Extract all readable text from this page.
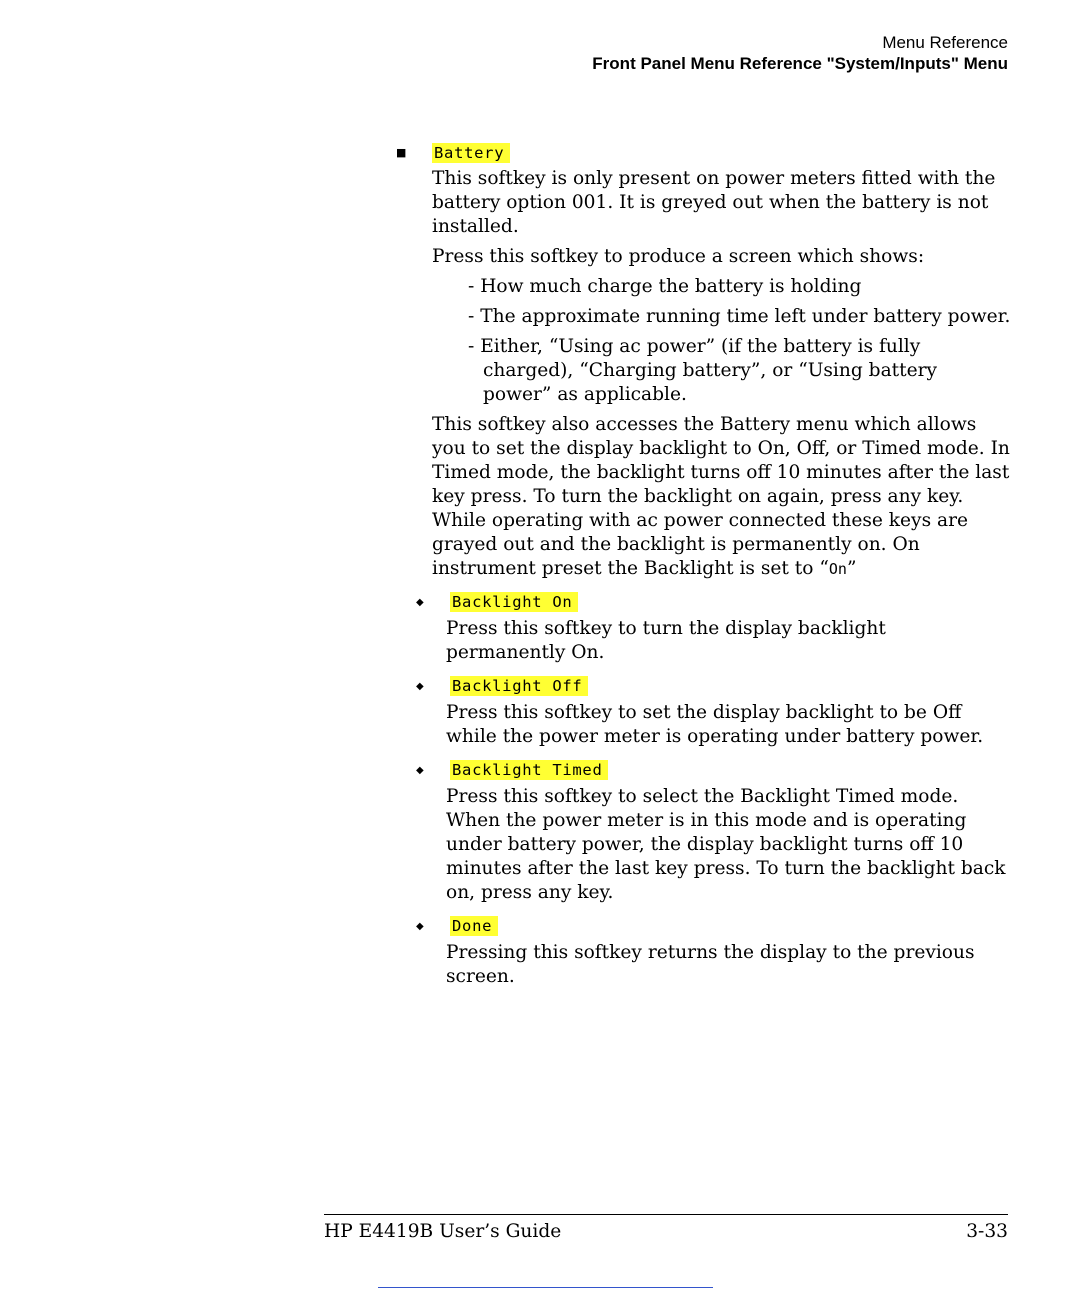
Menu Reference
Front Panel Menu Reference "System/Inputs" Menu
■	Battery

This softkey is only present on power meters fitted with the battery option 001. It is greyed out when the battery is not installed.

Press this softkey to produce a screen which shows:

- How much charge the battery is holding
- The approximate running time left under battery power.
- Either, “Using ac power” (if the battery is fully charged), “Charging battery”, or “Using battery power” as applicable.

This softkey also accesses the Battery menu which allows you to set the display backlight to On, Off, or Timed mode. In Timed mode, the backlight turns off 10 minutes after the last key press. To turn the backlight on again, press any key. While operating with ac power connected these keys are grayed out and the backlight is permanently on. On instrument preset the Backlight is set to “On”

◆	Backlight On

Press this softkey to turn the display backlight permanently On.

◆	Backlight Off

Press this softkey to set the display backlight to be Off while the power meter is operating under battery power.

◆	Backlight Timed

Press this softkey to select the Backlight Timed mode. When the power meter is in this mode and is operating under battery power, the display backlight turns off 10 minutes after the last key press. To turn the backlight back on, press any key.

◆	Done

Pressing this softkey returns the display to the previous screen.

HP E4419B User’s Guide	3-33
